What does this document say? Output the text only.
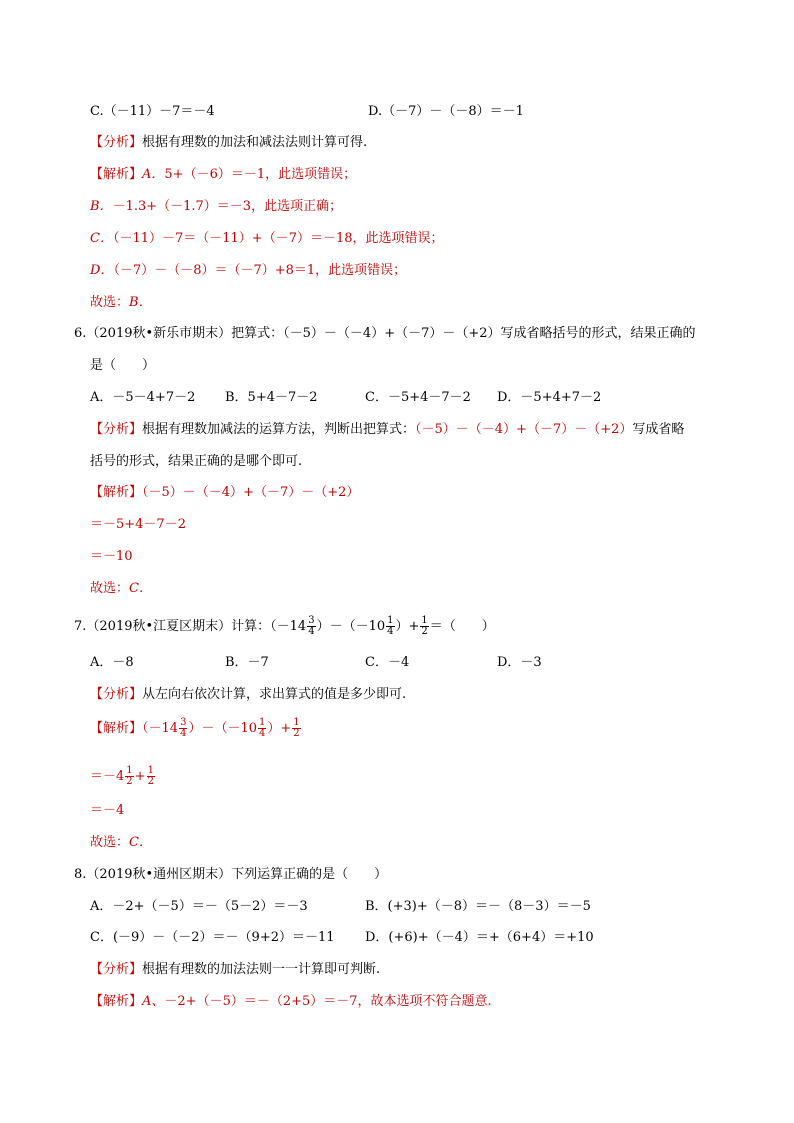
C.（－11）－7＝－4	D.（－7）－（－8）＝－1
【分析】根据有理数的加法和减法法则计算可得.
【解析】A．5+（－6）＝－1，此选项错误；
B．－1.3+（－1.7）＝－3，此选项正确；
C．（－11）－7＝（－11）+（－7）＝－18，此选项错误；
D．（－7）－（－8）＝（－7）+8＝1，此选项错误；
故选：B．
6.（2019秋•新乐市期末）把算式：（－5）－（－4）+（－7）－（+2）写成省略括号的形式，结果正确的
是（　　）
A．－5－4+7－2 B．5+4－7－2	C．－5+4－7－2 D．－5+4+7－2
【分析】根据有理数加减法的运算方法，判断出把算式：（－5）－（－4）+（－7）－（+2）写成省略
括号的形式，结果正确的是哪个即可.
【解析】（－5）－（－4）+（－7）－（+2）
＝－5+4－7－2
＝－10
故选：C．
7.（2019秋•江夏区期末）计算：$(-14 \frac{3}{4} )-(-10 \frac{1}{4}$ ）+ $\frac{1}{2}$ ＝（　　）
A．－8	B．－7	C．－4	D．－3
【分析】从左向右依次计算，求出算式的值是多少即可.
【解析】$(-14 \frac{3}{4} )-(-10 \frac{1}{4}$ ）+ $\frac{1}{2}$
$=-4 \frac{1}{2} + \frac{1}{2}$
＝－4
故选：C．
8.（2019秋•通州区期末）下列运算正确的是（　　）
A．－2+（－5）＝－（5－2）＝－3	B．(+3)+（－8）＝－（8－3）＝－5
C．(－9）－（－2）＝－（9+2）＝－11 D．(+6)+（－4）＝+（6+4）＝+10
【分析】根据有理数的加法法则一一计算即可判断.
【解析】A、－2+（－5）＝－（2+5）＝－7，故本选项不符合题意.
